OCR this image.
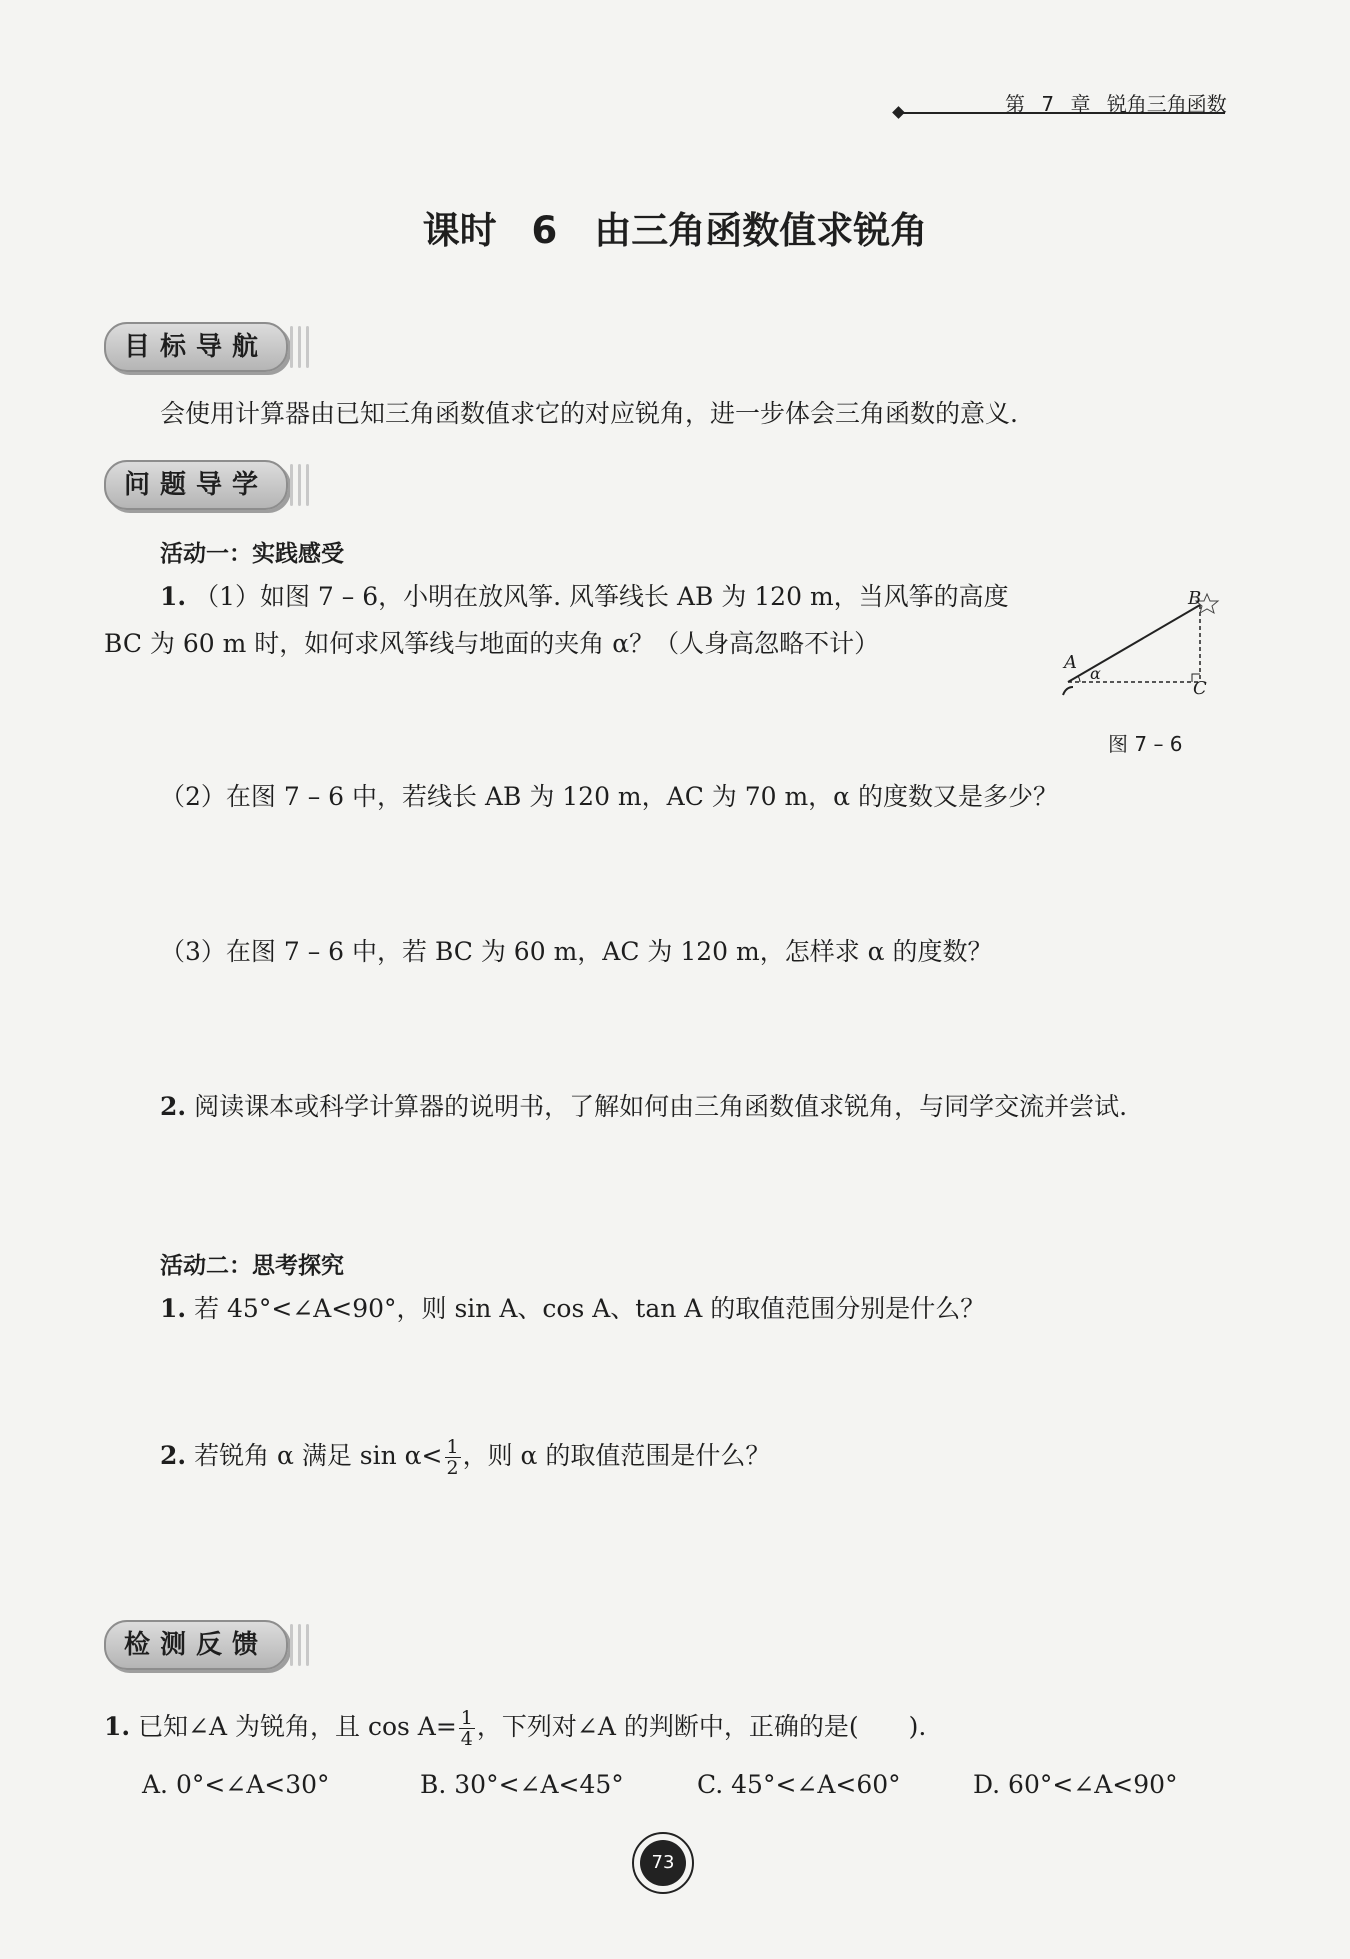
第 7 章 锐角三角函数
课时 6　由三角函数值求锐角
目标导航
会使用计算器由已知三角函数值求它的对应锐角，进一步体会三角函数的意义.
问题导学
活动一：实践感受
1. （1）如图 7 – 6，小明在放风筝. 风筝线长 AB 为 120 m，当风筝的高度
BC 为 60 m 时，如何求风筝线与地面的夹角 α？（人身高忽略不计）
B
A
α
C
图 7 – 6
（2）在图 7 – 6 中，若线长 AB 为 120 m，AC 为 70 m，α 的度数又是多少？
（3）在图 7 – 6 中，若 BC 为 60 m，AC 为 120 m，怎样求 α 的度数？
2. 阅读课本或科学计算器的说明书，了解如何由三角函数值求锐角，与同学交流并尝试.
活动二：思考探究
1. 若 45°<∠A<90°，则 sin A、cos A、tan A 的取值范围分别是什么？
2. 若锐角 α 满足 $\sin \alpha< \frac{1}{2}$ ，则 α 的取值范围是什么？
检测反馈
1. 已知∠A 为锐角，且 $\cos A= \frac{1}{4}$ ，下列对∠A 的判断中，正确的是(　　).
A. 0°<∠A<30°	B. 30°<∠A<45°	C. 45°<∠A<60°	D. 60°<∠A<90°
73
